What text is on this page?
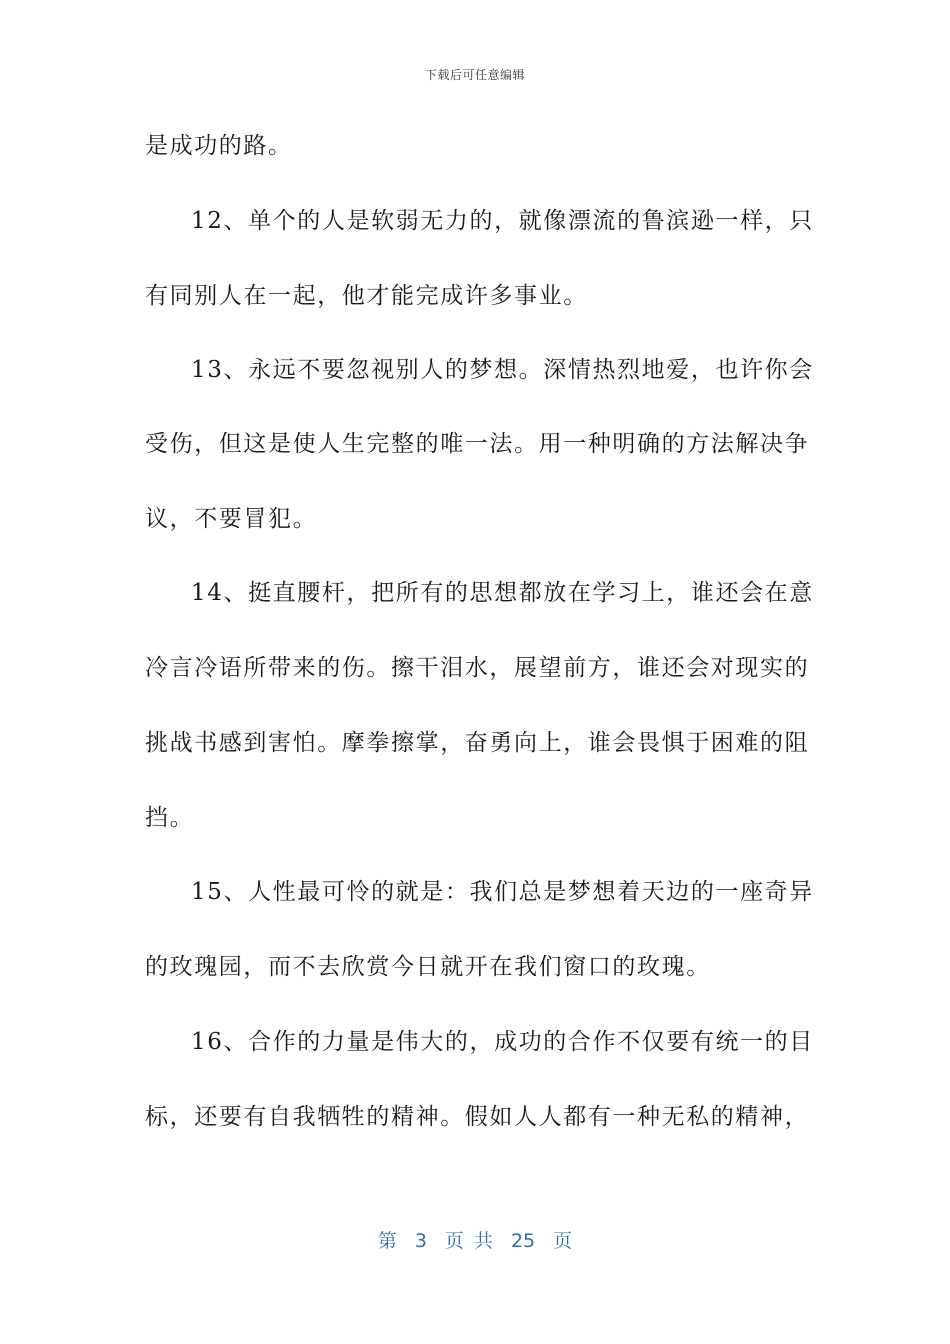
下载后可任意编辑
是成功的路。
12、单个的人是软弱无力的，就像漂流的鲁滨逊一样，只
有同别人在一起，他才能完成许多事业。
13、永远不要忽视别人的梦想。深情热烈地爱，也许你会
受伤，但这是使人生完整的唯一法。用一种明确的方法解决争
议，不要冒犯。
14、挺直腰杆，把所有的思想都放在学习上，谁还会在意
冷言冷语所带来的伤。擦干泪水，展望前方，谁还会对现实的
挑战书感到害怕。摩拳擦掌，奋勇向上，谁会畏惧于困难的阻
挡。
15、人性最可怜的就是：我们总是梦想着天边的一座奇异
的玫瑰园，而不去欣赏今日就开在我们窗口的玫瑰。
16、合作的力量是伟大的，成功的合作不仅要有统一的目
标，还要有自我牺牲的精神。假如人人都有一种无私的精神，
第 3 页 共 25 页
